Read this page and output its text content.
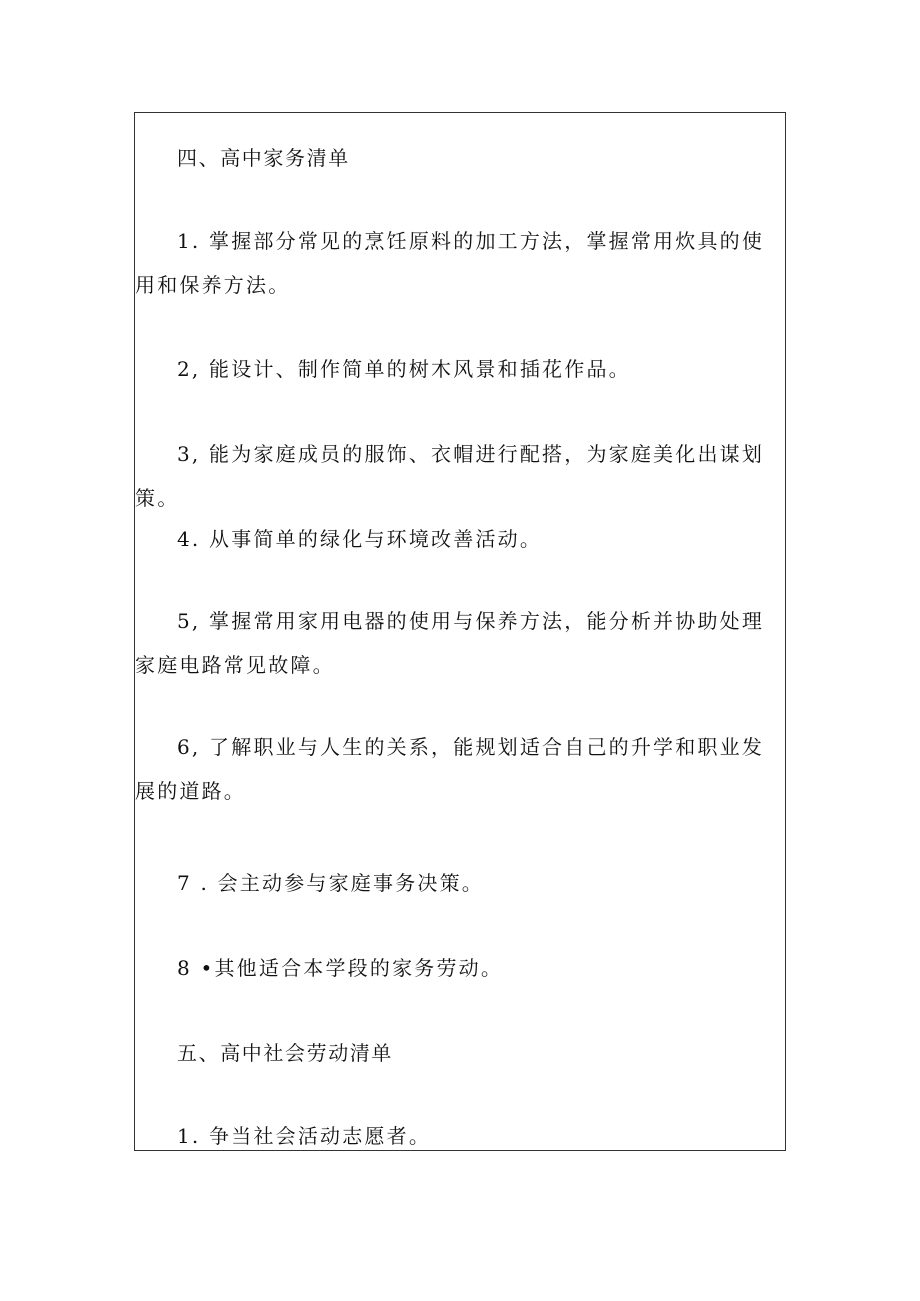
四、高中家务清单

1. 掌握部分常见的烹饪原料的加工方法，掌握常用炊具的使用和保养方法。

2, 能设计、制作简单的树木风景和插花作品。

3, 能为家庭成员的服饰、衣帽进行配搭，为家庭美化出谋划策。

4. 从事简单的绿化与环境改善活动。

5, 掌握常用家用电器的使用与保养方法，能分析并协助处理家庭电路常见故障。

6, 了解职业与人生的关系，能规划适合自己的升学和职业发展的道路。

7 . 会主动参与家庭事务决策。

8 •其他适合本学段的家务劳动。

五、高中社会劳动清单

1. 争当社会活动志愿者。
